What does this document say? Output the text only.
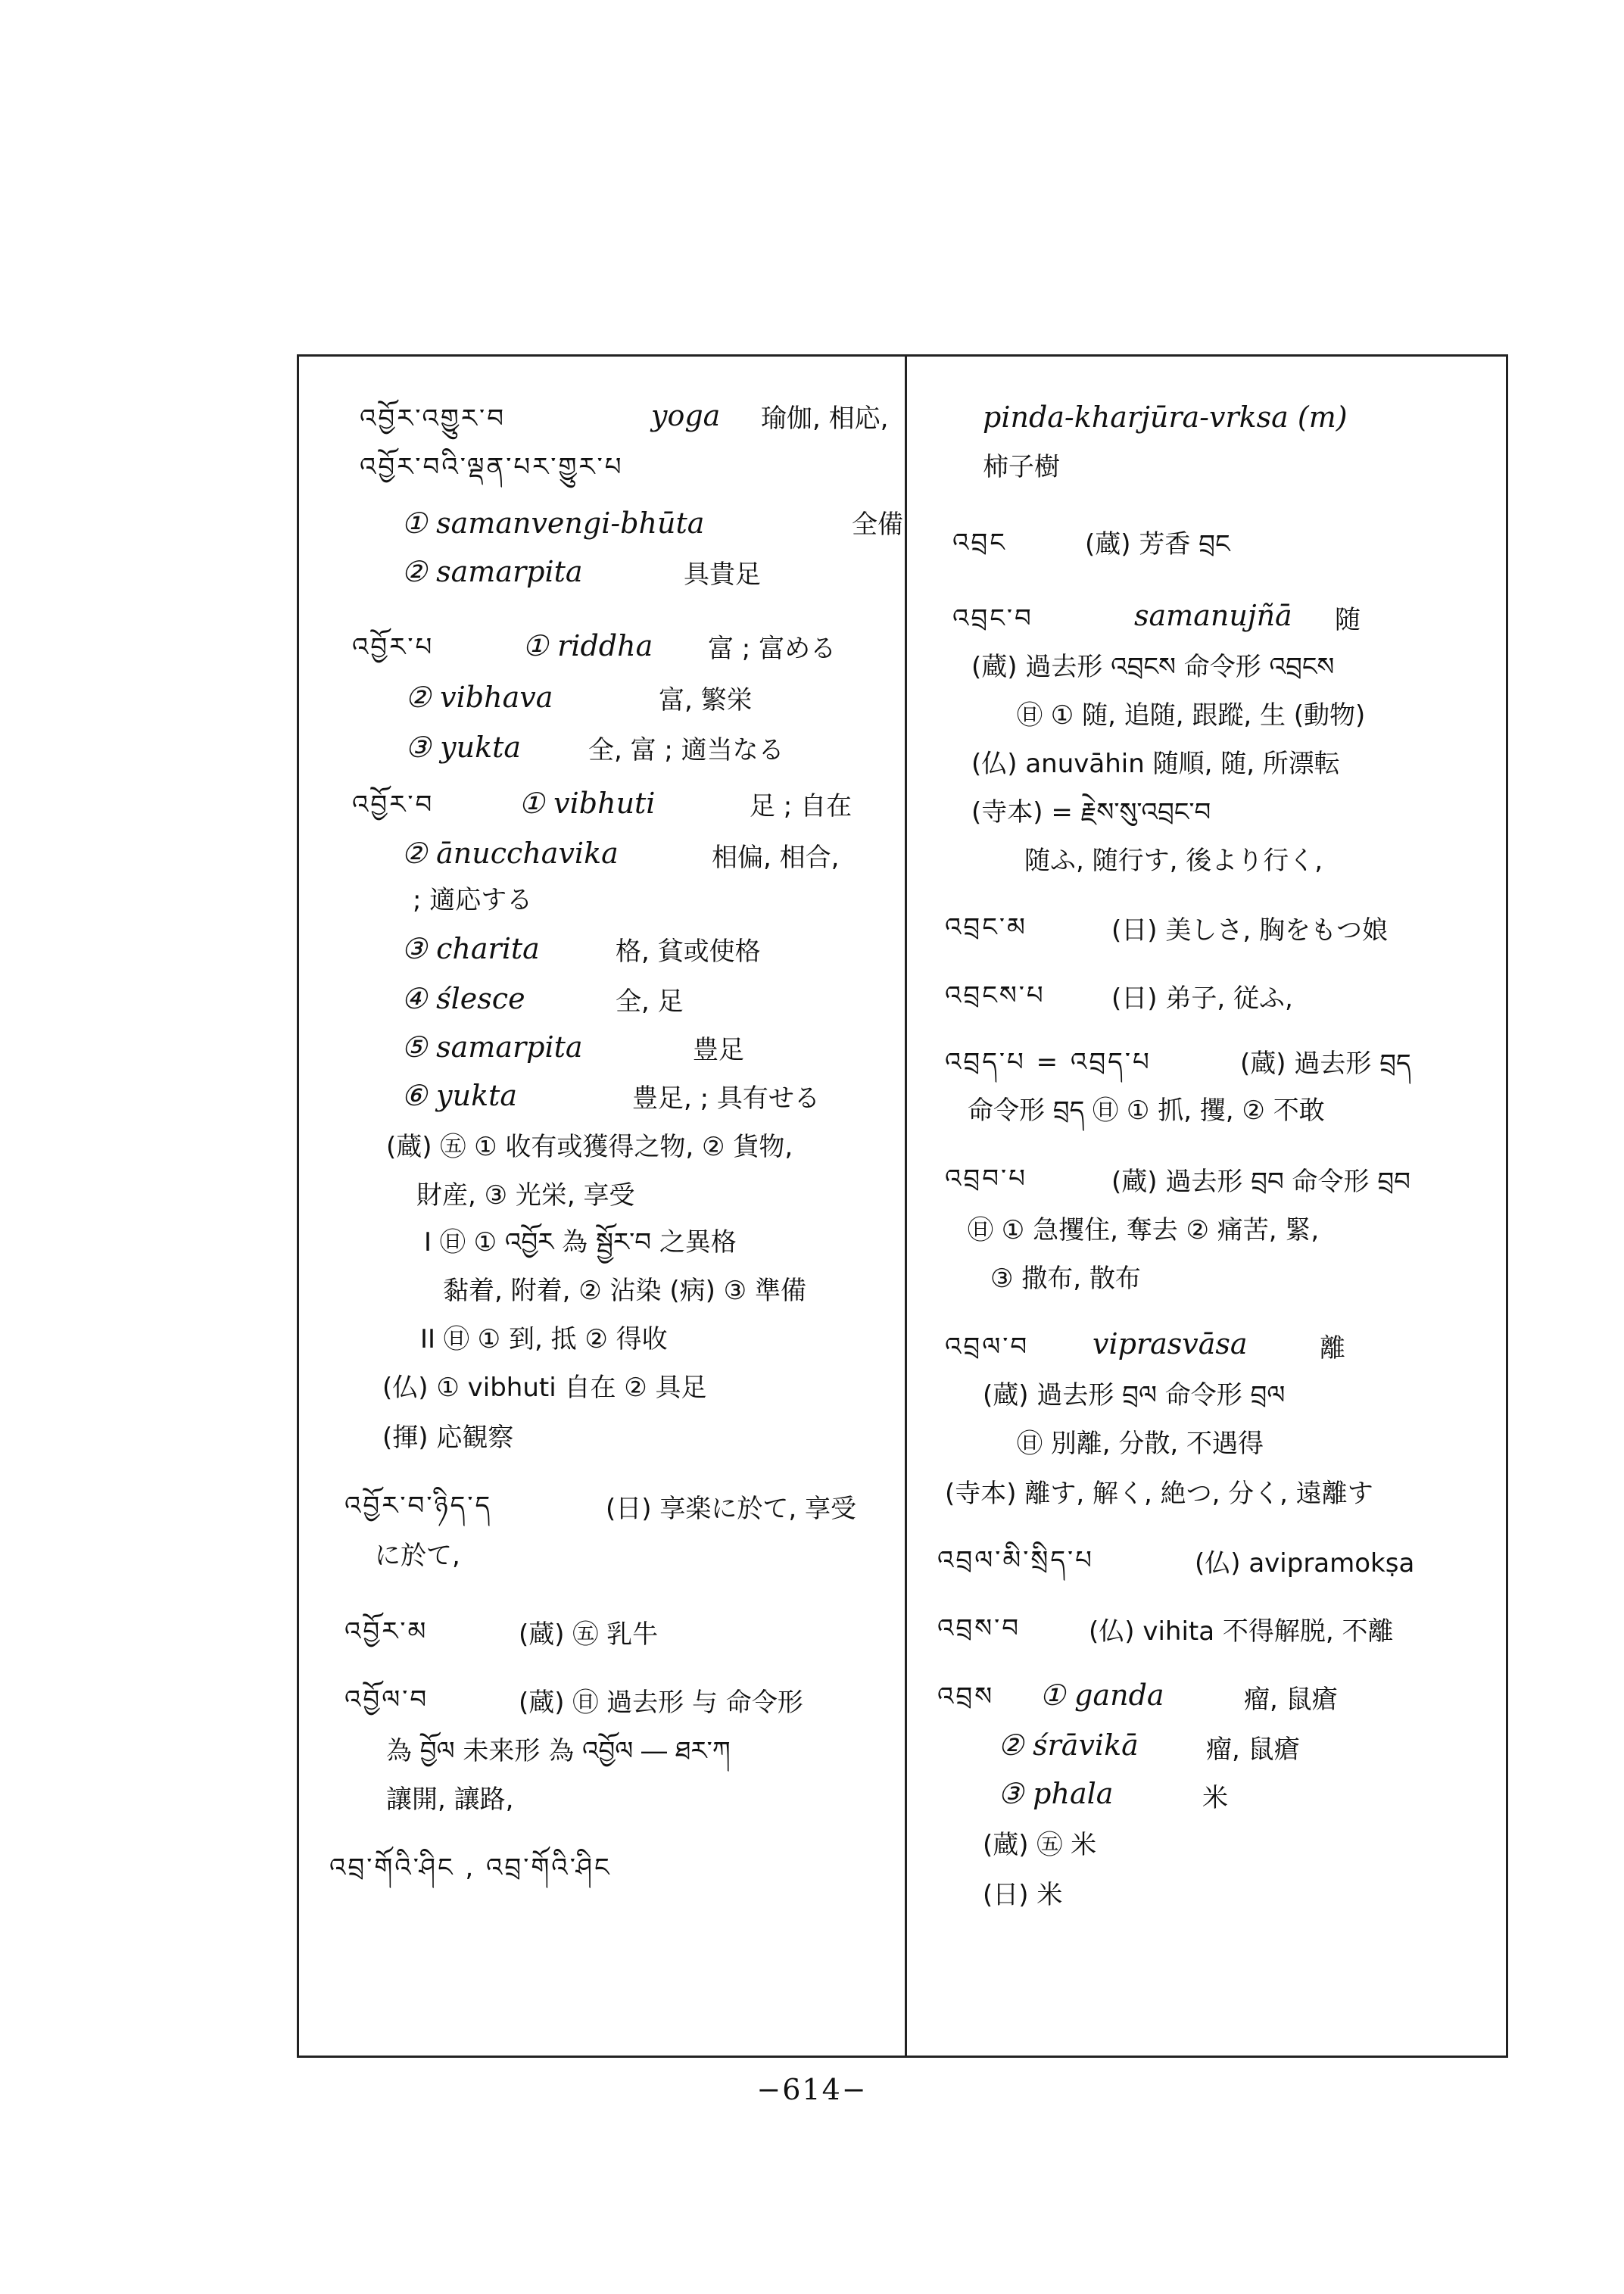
འབྱོར་འགྱུར་བ	yoga 瑜伽, 相応,
འབྱོར་བའི་ལྡན་པར་གྱུར་པ
① samanvengi-bhūta	全備
② samarpita	具貴足
འབྱོར་པ	① riddha 富 ; 富める
② vibhava	富, 繁栄
③ yukta	全, 富 ; 適当なる
འབྱོར་བ	① vibhuti	足 ; 自在
② ānucchavika	相偏, 相合,
; 適応する
③ charita	格, 貧或使格
④ ślesce	全, 足
⑤ samarpita	豊足
⑥ yukta	豊足, ; 具有せる
(蔵) ㊄ ① 收有或獲得之物, ② 貨物,
財産, ③ 光栄, 享受
I ㊐ ① འབྱོར 為 སྦྱོར་བ 之異格
黏着, 附着, ② 沾染 (病) ③ 準備
II ㊐ ① 到, 抵 ② 得收
(仏) ① vibhuti 自在 ② 具足
(揮) 応観察
འབྱོར་བ་ཉིད་ད	(日) 享楽に於て, 享受
に於て,
འབྱོར་མ	(蔵) ㊄ 乳牛
འབྱོལ་བ	(蔵) ㊐ 過去形 与 命令形
為 བྱོལ 未来形 為 འབྱོལ ― ཐར་ཀ
讓開, 讓路,
འབྲ་གོའི་ཤིང , འབྲ་གོའི་ཤིང
pinda-kharjūra-vrksa (m)
柿子樹
འབྲང	(蔵) 芳香 བྲང
འབྲང་བ	samanujñā 随
(蔵) 過去形 འབྲངས 命令形 འབྲངས
㊐ ① 随, 追随, 跟蹤, 生 (動物)
(仏) anuvāhin 随順, 随, 所漂転
(寺本) = རྗེས་སུ་འབྲང་བ
随ふ, 随行す, 後より行く,
འབྲང་མ	(日) 美しさ, 胸をもつ娘
འབྲངས་པ	(日) 弟子, 従ふ,
འབྲད་པ = འབྲད་པ	(蔵) 過去形 བྲད
命令形 བྲད ㊐ ① 抓, 攫, ② 不敢
འབྲབ་པ	(蔵) 過去形 བྲབ 命令形 བྲབ
㊐ ① 急攫住, 奪去 ② 痛苦, 緊,
③ 撒布, 散布
འབྲལ་བ viprasvāsa	離
(蔵) 過去形 བྲལ 命令形 བྲལ
㊐ 別離, 分散, 不遇得
(寺本) 離す, 解く, 絶つ, 分く, 遠離す
འབྲལ་མི་སྲིད་པ	(仏) avipramokṣa
འབྲས་བ	(仏) vihita 不得解脱, 不離
འབྲས ① ganda	瘤, 鼠瘡
② śrāvikā	瘤, 鼠瘡
③ phala	米
(蔵) ㊄ 米
(日) 米
−614−
